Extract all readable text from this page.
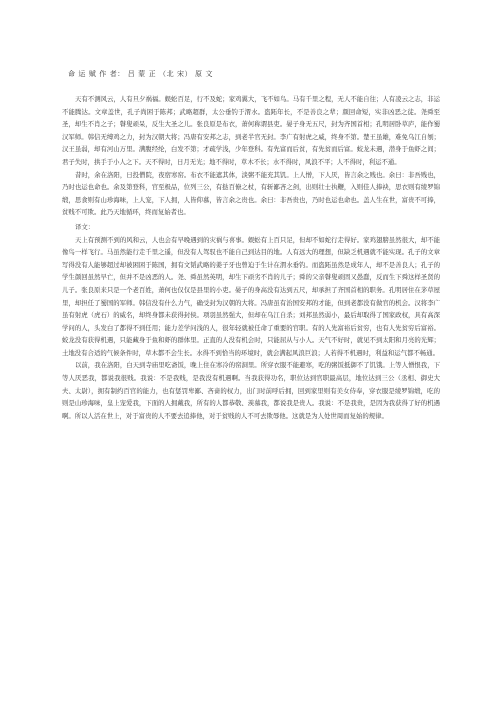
命 运 赋 作 者： 吕 蒙 正 （北 宋） 原 文

天有不测风云，人有旦夕祸福。蜈蚣百足，行不及蛇；家鸡翼大，飞不如鸟。马有千里之程，无人不能自往；人有凌云之志，非运不能腾达。文章盖世，孔子尚困于陈邦；武略超群，太公垂钓于渭水。盗跖年长，不是善良之辈；颜回命短，实非凶恶之徒。尧舜至圣，却生不肖之子；瞽叟顽呆，反生大圣之儿。张良原是布衣，萧何称谓县吏。晏子身无五尺，封为齐国首相；孔明居卧草庐，能作蜀汉军师。韩信无缚鸡之力，封为汉朝大将；冯唐有安邦之志，到老半官无封。李广有射虎之威，终身不第。楚王虽雄，难免乌江自刎；汉王虽弱，却有河山万里。满腹经纶，白发不第；才疏学浅，少年登科。有先富而后贫，有先贫而后富。蛟龙未遇，潜身于鱼虾之间；君子失时，拱手于小人之下。天不得时，日月无光；地不得时，草木不长；水不得时，风浪不平；人不得时，利运不通。

昔时，余在洛阳，日投僧院，夜宿寒窑。布衣不能遮其体，淡粥不能充其饥。上人憎，下人厌，皆言余之贱也。余曰：非吾贱也，乃时也运也命也。余及第登科，官至极品，位列三公，有挞百僚之杖，有斩鄙吝之剑，出则壮士执鞭，入则佳人捧袂，思衣则有绫罗锦缎，思食则有山珍海味，上人宠，下人拥，人皆仰慕，皆言余之贵也。余曰：非吾贵也，乃时也运也命也。盖人生在世，富贵不可捧，贫贱不可欺。此乃天地循环，终而复始者也。

译文：

天上有预测不到的风和云，人也会有早晚遇到的灾祸与喜事。蜈蚣有上百只足，但却不如蛇行走得好。家鸡翅膀虽然很大，却不能像鸟一样飞行。马虽然能行走千里之遥，但没有人驾驭也不能自己到达目的地。人有远大的理想，但缺乏机遇就不能实现。孔子的文章写得没有人能够超过却被困困于陈国，拥有文韬武略的姜子牙也曾迫于生计在渭水垂钓。而盗跖虽然是成年人，却不是善良人；孔子的学生颜回虽然早亡，但并不是凶恶的人。尧、舜虽然英明，却生下顽劣不肖的儿子；舜的父亲瞽叟顽固又愚蠢，反而生下舜这样圣贤的儿子。张良原来只是一个老百姓，萧何也仅仅是县里的小吏。晏子的身高没有达到五尺，却承担了齐国首相的职务。孔明居住在茅草屋里，却担任了蜀国的军师。韩信没有什么力气，确受封为汉朝的大将。冯唐虽有治国安邦的才能，但到老都没有做官的机会。汉将李广虽有射虎（虎石）的威名，却终身都未获得封侯。项羽虽然强大，但却在乌江自杀；刘邦虽然弱小，最后却取得了国家政权，具有高深学问的人，头发白了都得不到任用；能力差学问浅的人，很年轻就被任命了重要的官职。有的人先富裕后贫穷，也有人先贫穷后富裕。蛟龙没有获得机遇，只能藏身于鱼和虾的群体里。正直的人没有机会时，只能屈从与小人。天气不好时，就见不到太阳和月亮的光辉；土地没有合适的气候条件时，草木都不会生长。水得不到恰当的环境时，就会满起风浪巨浪；人若得不机遇时，利益和运气都不畅通。

以前，我在洛阳，白天到寺庙里吃斋饭，晚上住在寒冷的窑洞里。所穿衣服不能避寒，吃的粥饭抵御不了饥饿。上等人憎恨我，下等人厌恶我，都说我很贱。我说：不是我贱，是我没有机遇啊。当我获得功名，职位达到官职最高层，地位达到三公（丞相、御史大夫、太尉），拥有制约百官的能力，也有惩罚卑鄙、吝啬的权力，出门时前呼后拥，回到家里则有美女侍奉，穿衣服是绫罗锦缎，吃的则是山珍海味，皇上宠爱我，下面的人拥戴我，所有的人都恭敬、羡慕我，都说我是贵人。我说：不是我贵，是因为我获得了好的机遇啊。所以人活在世上，对于富贵的人不要去追捧他，对于贫贱的人不可去欺辱他。这就是为人处世周而复始的规律。
